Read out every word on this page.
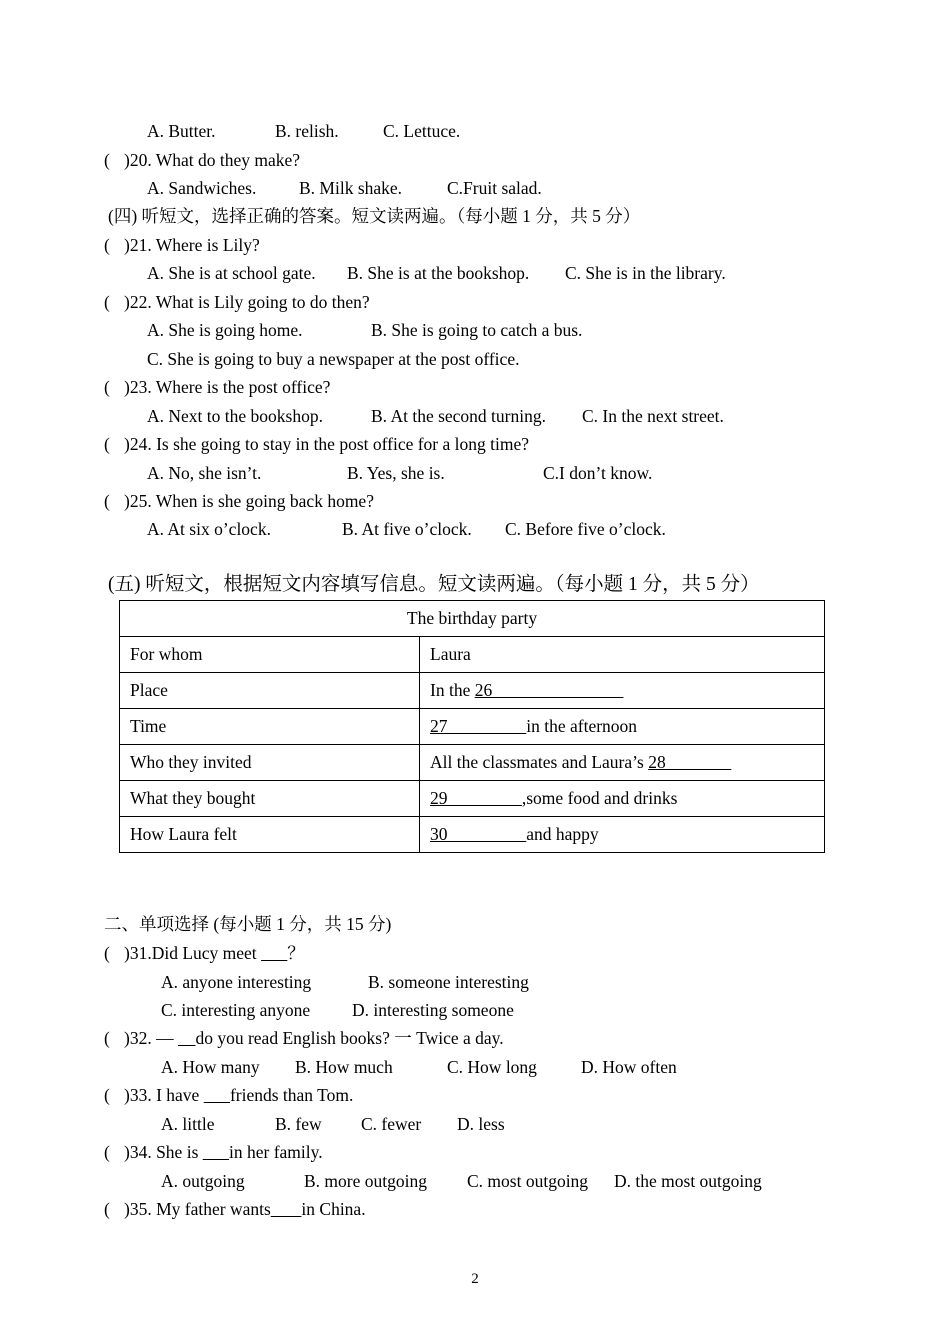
A. Butter.	B. relish.	C. Lettuce.
( )20. What do they make?
A. Sandwiches. B. Milk shake.	C.Fruit salad.
(四) 听短文，选择正确的答案。短文读两遍。（每小题 1 分，共 5 分）
( )21. Where is Lily?
A. She is at school gate. B. She is at the bookshop. C. She is in the library.
( )22. What is Lily going to do then?
A. She is going home.	B. She is going to catch a bus.
C. She is going to buy a newspaper at the post office.
( )23. Where is the post office?
A. Next to the bookshop.	B. At the second turning. C. In the next street.
( )24. Is she going to stay in the post office for a long time?
A. No, she isn’t.	B. Yes, she is.	C.I don’t know.
( )25. When is she going back home?
A. At six o’clock.	B. At five o’clock. C. Before five o’clock.
(五) 听短文，根据短文内容填写信息。短文读两遍。（每小题 1 分，共 5 分）
The birthday party	
For whom	Laura
Place	In the 26
Time	27                  in the afternoon
Who they invited	All the classmates and Laura’s 28
What they bought	29                 ,some food and drinks
How Laura felt	30                  and happy
二、单项选择 (每小题 1 分，共 15 分)
( )31.Did Lucy meet       ？
A. anyone interesting	B. someone interesting
C. interesting anyone D. interesting someone
( )32. —     do you read English books? 一 Twice a day.
A. How many B. How much	C. How long	D. How often
( )33. I have       friends than Tom.
A. little	B. few C. fewer D. less
( )34. She is       in her family.
A. outgoing	B. more outgoing C. most outgoing D. the most outgoing
( )35. My father wants in China.
2
